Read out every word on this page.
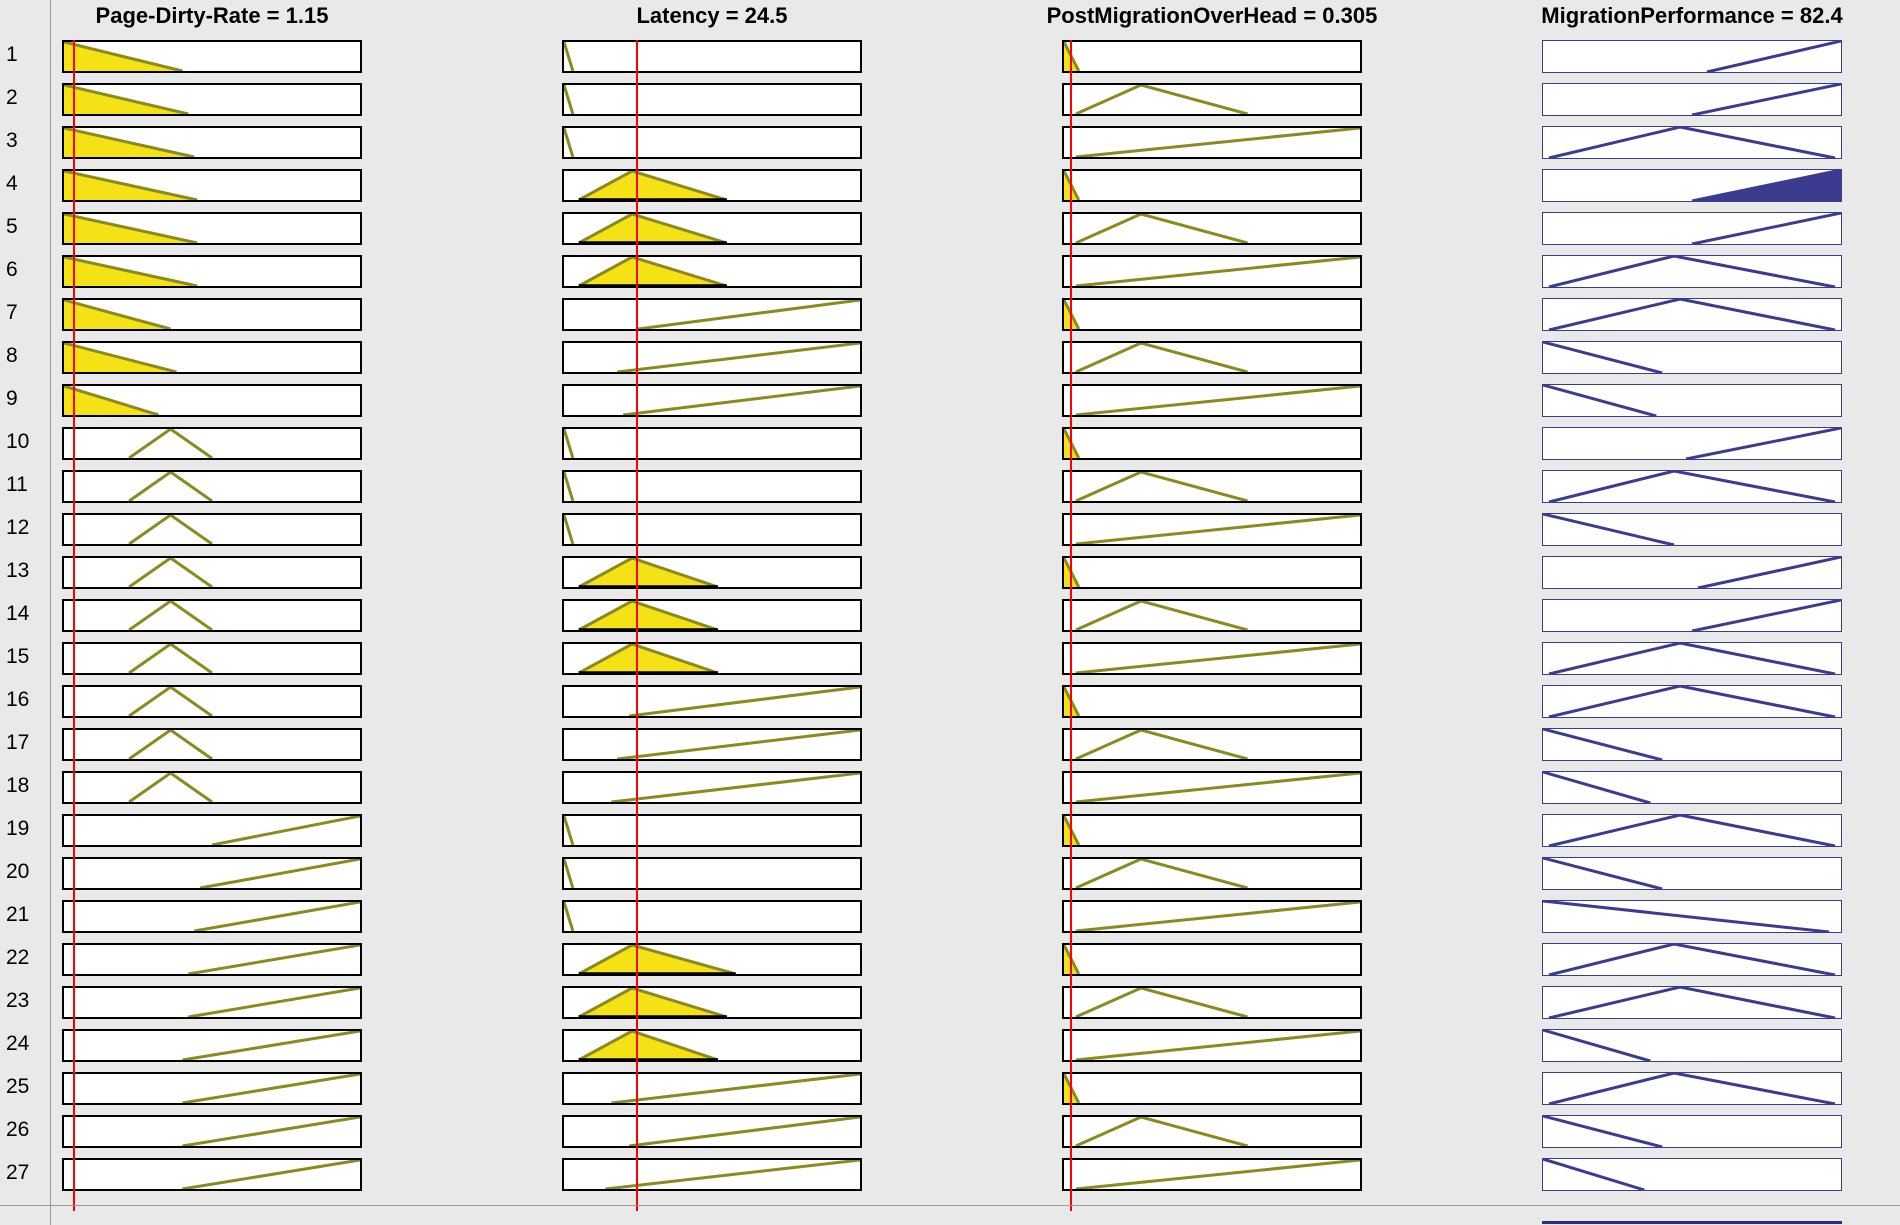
Page-Dirty-Rate = 1.15	Latency = 24.5	PostMigrationOverHead = 0.305	MigrationPerformance = 82.4
1
2
3
4
5
6
7
8
9
10
11
12
13
14
15
16
17
18
19
20
21
22
23
24
25
26
27
